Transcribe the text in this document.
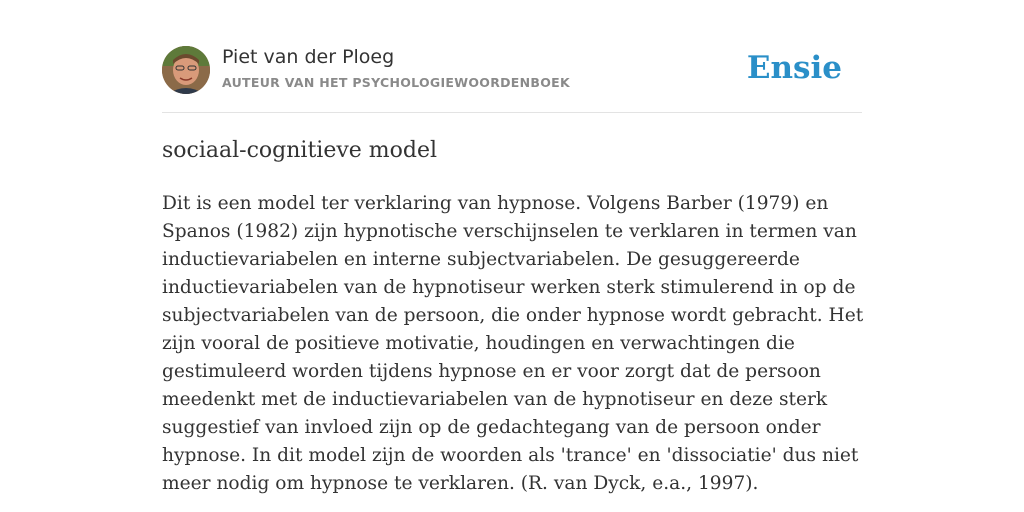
Piet van der Ploeg
AUTEUR VAN HET PSYCHOLOGIEWOORDENBOEK	Ensie
sociaal-cognitieve model
Dit is een model ter verklaring van hypnose. Volgens Barber (1979) en Spanos (1982) zijn hypnotische verschijnselen te verklaren in termen van inductievariabelen en interne subjectvariabelen. De gesuggereerde inductievariabelen van de hypnotiseur werken sterk stimulerend in op de subjectvariabelen van de persoon, die onder hypnose wordt gebracht. Het zijn vooral de positieve motivatie, houdingen en verwachtingen die gestimuleerd worden tijdens hypnose en er voor zorgt dat de persoon meedenkt met de inductievariabelen van de hypnotiseur en deze sterk suggestief van invloed zijn op de gedachtegang van de persoon onder hypnose. In dit model zijn de woorden als 'trance' en 'dissociatie' dus niet meer nodig om hypnose te verklaren. (R. van Dyck, e.a., 1997).
